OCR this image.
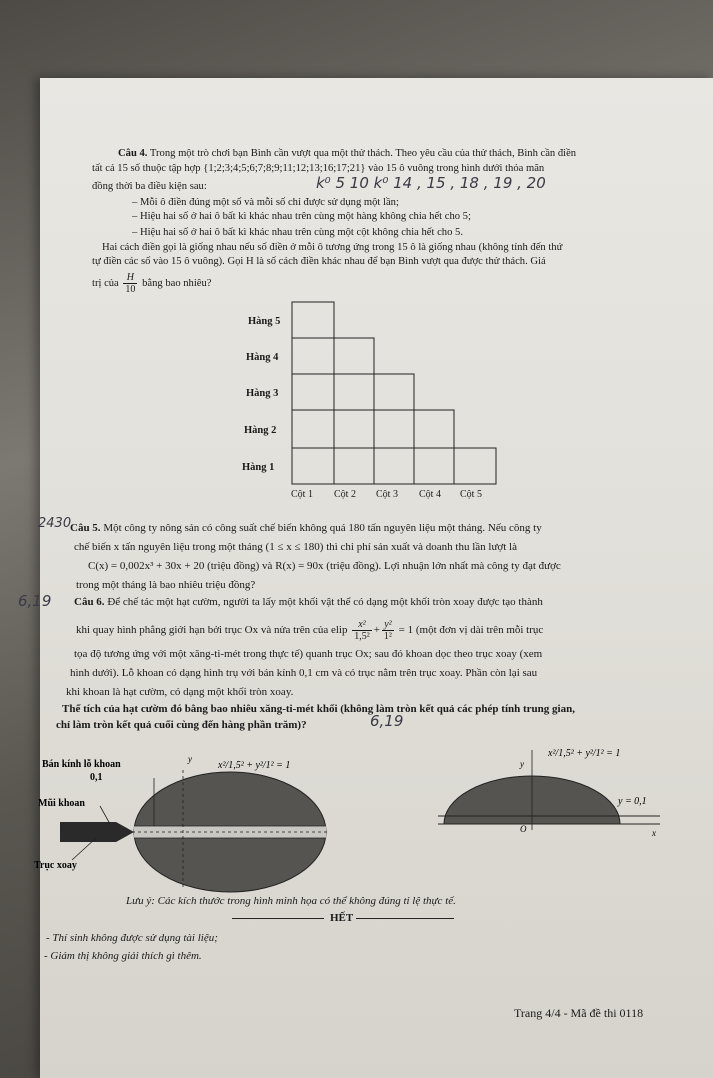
Câu 4. Trong một trò chơi bạn Bình cần vượt qua một thử thách. Theo yêu cầu của thử thách, Bình cần điền
tất cả 15 số thuộc tập hợp {1;2;3;4;5;6;7;8;9;11;12;13;16;17;21} vào 15 ô vuông trong hình dưới thỏa mãn
đồng thời ba điều kiện sau:
– Mỗi ô điền đúng một số và mỗi số chỉ được sử dụng một lần;
– Hiệu hai số ở hai ô bất kì khác nhau trên cùng một hàng không chia hết cho 5;
– Hiệu hai số ở hai ô bất kì khác nhau trên cùng một cột không chia hết cho 5.
Hai cách điền gọi là giống nhau nếu số điền ở mỗi ô tương ứng trong 15 ô là giống nhau (không tính đến thứ
tự điền các số vào 15 ô vuông). Gọi H là số cách điền khác nhau để bạn Bình vượt qua được thử thách. Giá
trị của $\frac{H}{10}$ bằng bao nhiêu?
k⁰ 5 10 k⁰ 14 , 15 , 18 , 19 , 20
Hàng 5
Hàng 4
Hàng 3
Hàng 2
Hàng 1
Cột 1 Cột 2 Cột 3 Cột 4 Cột 5
2430
Câu 5. Một công ty nông sản có công suất chế biến không quá 180 tấn nguyên liệu một tháng. Nếu công ty
chế biến x tấn nguyên liệu trong một tháng (1 ≤ x ≤ 180) thì chi phí sản xuất và doanh thu lần lượt là
C(x) = 0,002x³ + 30x + 20 (triệu đồng) và R(x) = 90x (triệu đồng). Lợi nhuận lớn nhất mà công ty đạt được
trong một tháng là bao nhiêu triệu đồng?
6,19 Câu 6. Để chế tác một hạt cườm, người ta lấy một khối vật thể có dạng một khối tròn xoay được tạo thành
khi quay hình phẳng giới hạn bởi trục Ox và nửa trên của elip $\frac{\text{x²}}{\text{1,5²}} + \frac{\text{y²}}{\text{1²}} = 1$ (một đơn vị dài trên mỗi trục
tọa độ tương ứng với một xăng-ti-mét trong thực tế) quanh trục Ox; sau đó khoan dọc theo trục xoay (xem
hình dưới). Lỗ khoan có dạng hình trụ với bán kính 0,1 cm và có trục nằm trên trục xoay. Phần còn lại sau
khi khoan là hạt cườm, có dạng một khối tròn xoay.
Thể tích của hạt cườm đó bằng bao nhiêu xăng-ti-mét khối (không làm tròn kết quả các phép tính trung gian,
chỉ làm tròn kết quả cuối cùng đến hàng phần trăm)?	6,19
Bán kính lỗ khoan
0,1
Mũi khoan
Trục xoay
y
x²/1,5² + y²/1² = 1	y
x²/1,5² + y²/1² = 1
y = 0,1
O	x
Lưu ý: Các kích thước trong hình minh họa có thể không đúng tỉ lệ thực tế.
HẾT
- Thí sinh không được sử dụng tài liệu;
- Giám thị không giải thích gì thêm.
Trang 4/4 - Mã đề thi 0118
